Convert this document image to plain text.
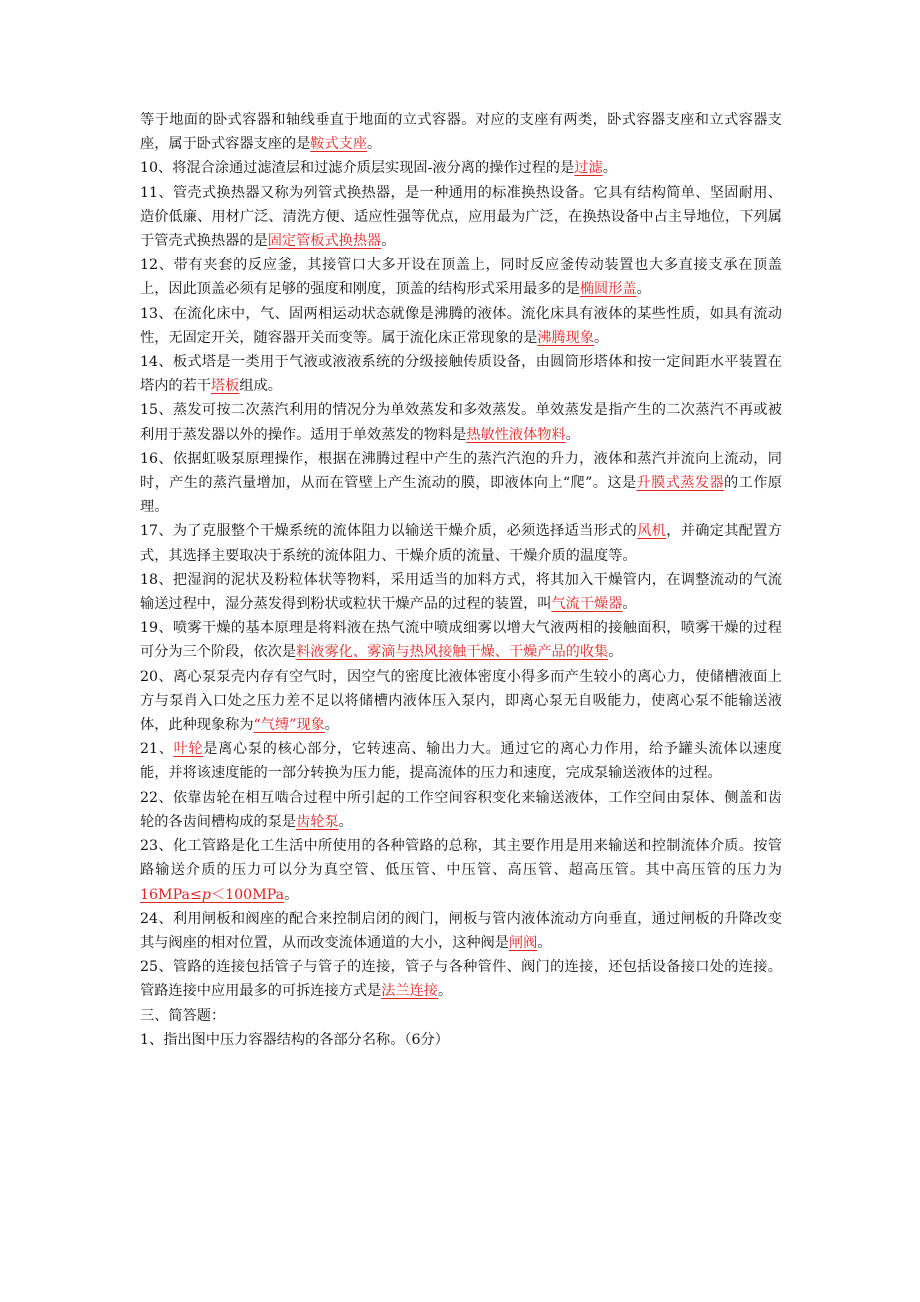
等于地面的卧式容器和轴线垂直于地面的立式容器。对应的支座有两类，卧式容器支座和立式容器支座，属于卧式容器支座的是鞍式支座。

10、将混合涂通过滤渣层和过滤介质层实现固-液分离的操作过程的是过滤。

11、管壳式换热器又称为列管式换热器，是一种通用的标准换热设备。它具有结构简单、坚固耐用、造价低廉、用材广泛、清洗方便、适应性强等优点，应用最为广泛，在换热设备中占主导地位，下列属于管壳式换热器的是固定管板式换热器。

12、带有夹套的反应釜，其接管口大多开设在顶盖上，同时反应釜传动装置也大多直接支承在顶盖上，因此顶盖必须有足够的强度和刚度，顶盖的结构形式采用最多的是椭圆形盖。

13、在流化床中，气、固两相运动状态就像是沸腾的液体。流化床具有液体的某些性质，如具有流动性，无固定开关，随容器开关而变等。属于流化床正常现象的是沸腾现象。

14、板式塔是一类用于气液或液液系统的分级接触传质设备，由圆筒形塔体和按一定间距水平装置在塔内的若干塔板组成。

15、蒸发可按二次蒸汽利用的情况分为单效蒸发和多效蒸发。单效蒸发是指产生的二次蒸汽不再或被利用于蒸发器以外的操作。适用于单效蒸发的物料是热敏性液体物料。

16、依据虹吸泵原理操作，根据在沸腾过程中产生的蒸汽汽泡的升力，液体和蒸汽并流向上流动，同时，产生的蒸汽量增加，从而在管壁上产生流动的膜，即液体向上“爬”。这是升膜式蒸发器的工作原理。

17、为了克服整个干燥系统的流体阻力以输送干燥介质，必须选择适当形式的风机，并确定其配置方式，其选择主要取决于系统的流体阻力、干燥介质的流量、干燥介质的温度等。

18、把湿润的泥状及粉粒体状等物料，采用适当的加料方式，将其加入干燥管内，在调整流动的气流输送过程中，湿分蒸发得到粉状或粒状干燥产品的过程的装置，叫气流干燥器。

19、喷雾干燥的基本原理是将料液在热气流中喷成细雾以增大气液两相的接触面积，喷雾干燥的过程可分为三个阶段，依次是料液雾化、雾滴与热风接触干燥、干燥产品的收集。

20、离心泵泵壳内存有空气时，因空气的密度比液体密度小得多而产生较小的离心力，使储槽液面上方与泵肖入口处之压力差不足以将储槽内液体压入泵内，即离心泵无自吸能力，使离心泵不能输送液体，此种现象称为“气缚”现象。

21、叶轮是离心泵的核心部分，它转速高、输出力大。通过它的离心力作用，给予罐头流体以速度能，并将该速度能的一部分转换为压力能，提高流体的压力和速度，完成泵输送液体的过程。

22、依靠齿轮在相互啮合过程中所引起的工作空间容积变化来输送液体，工作空间由泵体、侧盖和齿轮的各齿间槽构成的泵是齿轮泵。

23、化工管路是化工生活中所使用的各种管路的总称，其主要作用是用来输送和控制流体介质。按管路输送介质的压力可以分为真空管、低压管、中压管、高压管、超高压管。其中高压管的压力为16MPa≤p＜100MPa。

24、利用闸板和阀座的配合来控制启闭的阀门，闸板与管内液体流动方向垂直，通过闸板的升降改变其与阀座的相对位置，从而改变流体通道的大小，这种阀是闸阀。

25、管路的连接包括管子与管子的连接，管子与各种管件、阀门的连接，还包括设备接口处的连接。管路连接中应用最多的可拆连接方式是法兰连接。

三、简答题：

1、指出图中压力容器结构的各部分名称。（6分）
